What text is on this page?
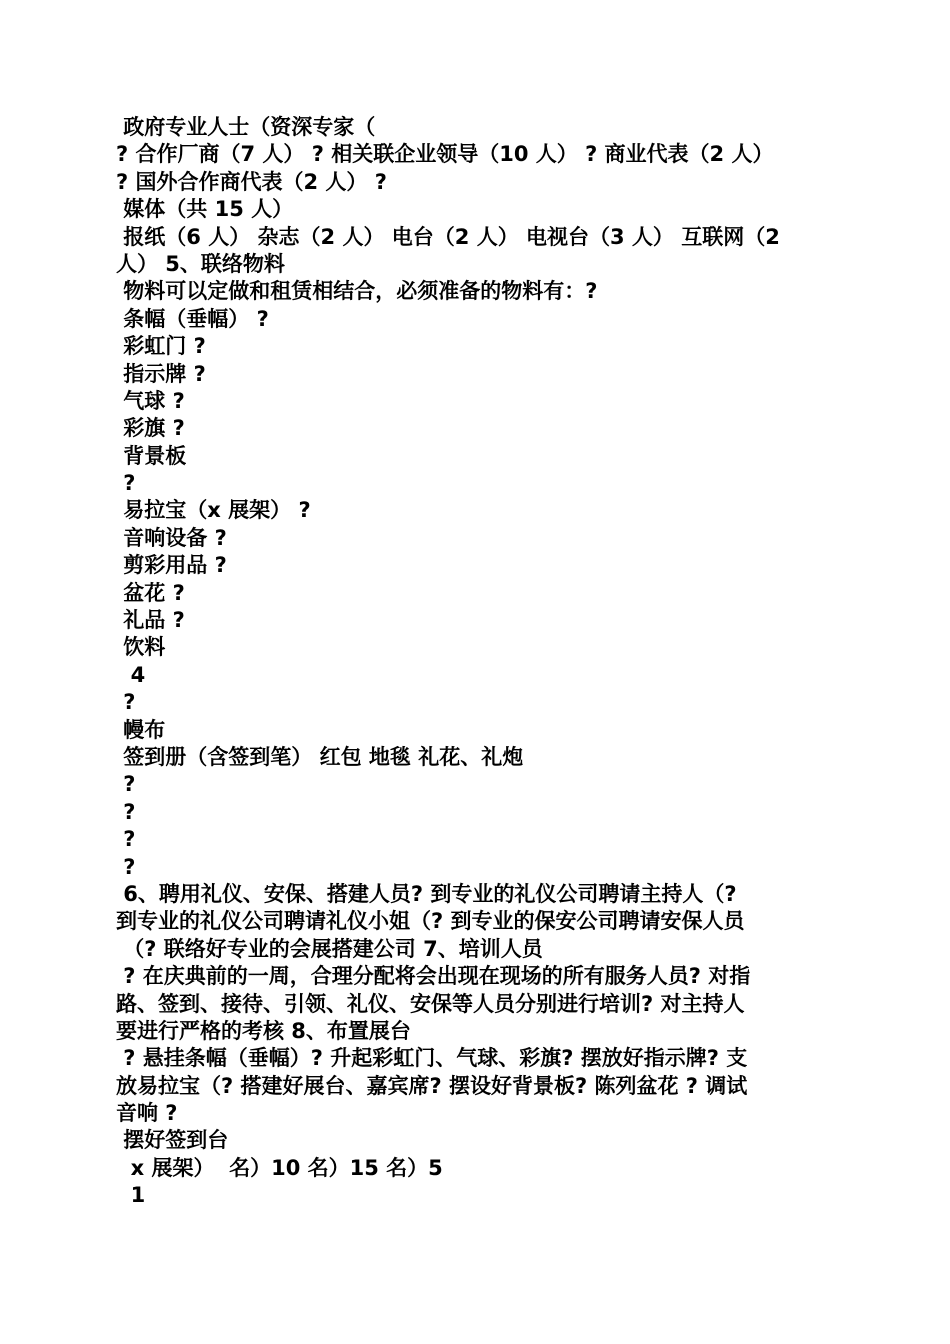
政府专业人士（资深专家（
? 合作厂商（7 人） ? 相关联企业领导（10 人） ? 商业代表（2 人）
? 国外合作商代表（2 人） ?
媒体（共 15 人）
报纸（6 人） 杂志（2 人） 电台（2 人） 电视台（3 人） 互联网（2
人） 5、联络物料
物料可以定做和租赁相结合，必须准备的物料有：?
条幅（垂幅） ?
彩虹门 ?
指示牌 ?
气球 ?
彩旗 ?
背景板
?
易拉宝（x 展架） ?
音响设备 ?
剪彩用品 ?
盆花 ?
礼品 ?
饮料
4
?
幔布
签到册（含签到笔） 红包 地毯 礼花、礼炮
?
?
?
?
6、聘用礼仪、安保、搭建人员? 到专业的礼仪公司聘请主持人（?
到专业的礼仪公司聘请礼仪小姐（? 到专业的保安公司聘请安保人员
（? 联络好专业的会展搭建公司 7、培训人员
? 在庆典前的一周，合理分配将会出现在现场的所有服务人员? 对指
路、签到、接待、引领、礼仪、安保等人员分别进行培训? 对主持人
要进行严格的考核 8、布置展台
? 悬挂条幅（垂幅）? 升起彩虹门、气球、彩旗? 摆放好指示牌? 支
放易拉宝（? 搭建好展台、嘉宾席? 摆设好背景板? 陈列盆花 ? 调试
音响 ?
摆好签到台
x 展架）  名）10 名）15 名）5
1
